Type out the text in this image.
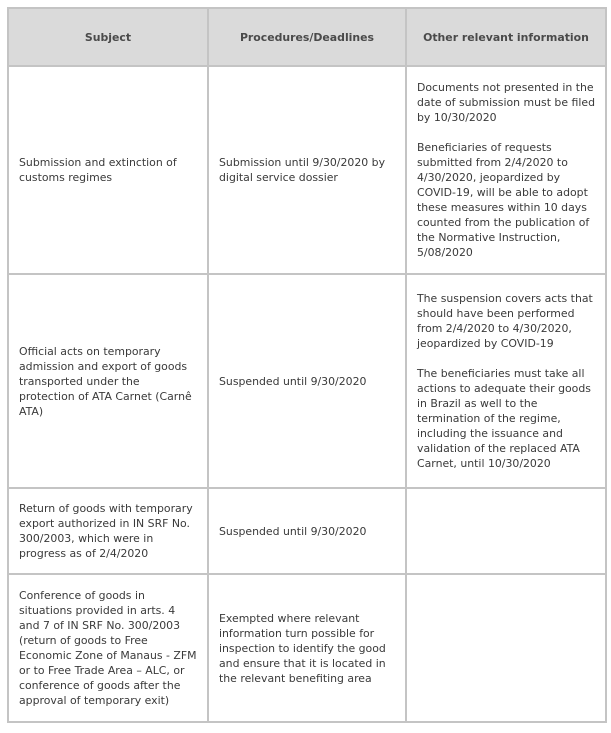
Subject	Procedures/Deadlines	Other relevant information
Submission and extinction of customs regimes	Submission until 9/30/2020 by digital service dossier	Documents not presented in the date of submission must be filed by 10/30/2020

Beneficiaries of requests submitted from 2/4/2020 to 4/30/2020, jeopardized by COVID-19, will be able to adopt these measures within 10 days counted from the publication of the Normative Instruction, 5/08/2020

Official acts on temporary admission and export of goods transported under the protection of ATA Carnet (Carnê ATA)	Suspended until 9/30/2020	The suspension covers acts that should have been performed from 2/4/2020 to 4/30/2020, jeopardized by COVID-19

The beneficiaries must take all actions to adequate their goods in Brazil as well to the termination of the regime, including the issuance and validation of the replaced ATA Carnet, until 10/30/2020

Return of goods with temporary export authorized in IN SRF No. 300/2003, which were in progress as of 2/4/2020	Suspended until 9/30/2020	
Conference of goods in situations provided in arts. 4 and 7 of IN SRF No. 300/2003 (return of goods to Free Economic Zone of Manaus - ZFM or to Free Trade Area – ALC, or conference of goods after the approval of temporary exit)	Exempted where relevant information turn possible for inspection to identify the good and ensure that it is located in the relevant benefiting area	
